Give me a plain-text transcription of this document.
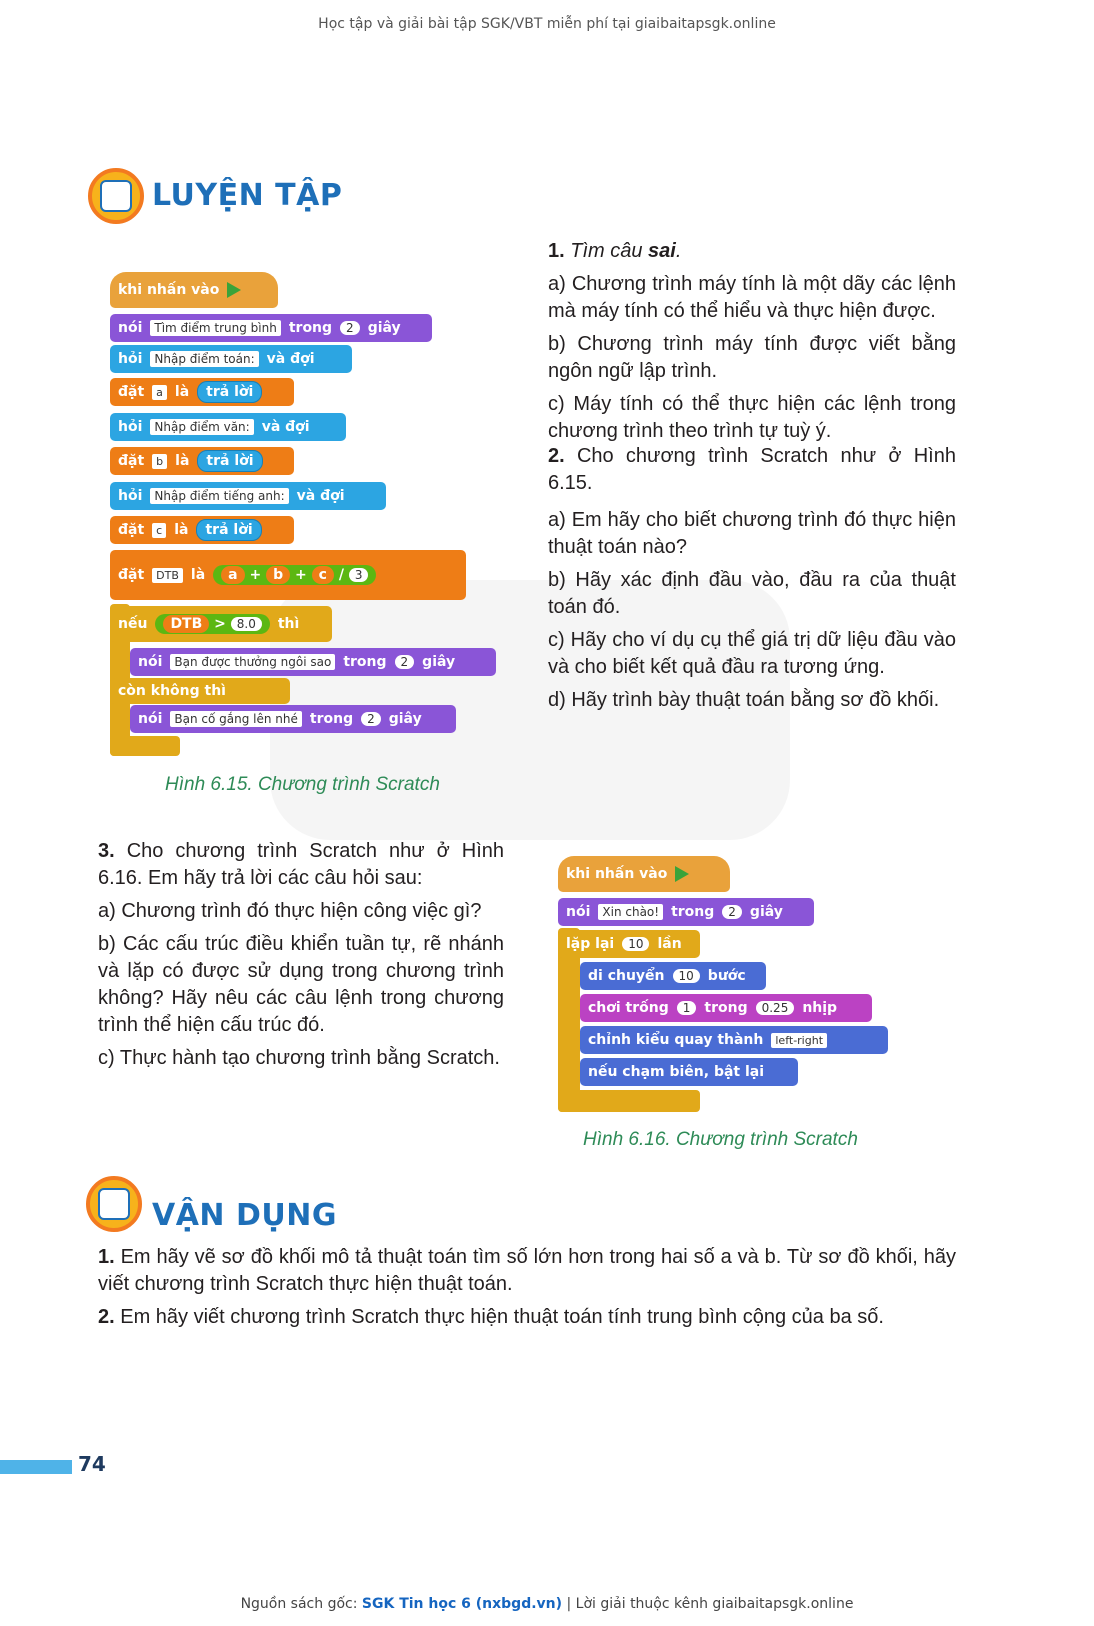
Học tập và giải bài tập SGK/VBT miễn phí tại giaibaitapsgk.online
LUYỆN TẬP
khi nhấn vào
nói	Tìm điểm trung bình trong	2	giây
hỏi	Nhập điểm toán: và đợi
đặt	a là	trả lời
hỏi	Nhập điểm văn: và đợi
đặt	b là	trả lời
hỏi	Nhập điểm tiếng anh: và đợi
đặt	c là	trả lời
đặt	DTB là	a + b + c / 3
nếu	DTB > 8.0	thì
nói	Bạn được thưởng ngôi sao trong	2	giây
còn không thì
nói	Bạn cố gắng lên nhé trong	2	giây
Hình 6.15. Chương trình Scratch

1. Tìm câu sai.

a) Chương trình máy tính là một dãy các lệnh mà máy tính có thể hiểu và thực hiện được.

b) Chương trình máy tính được viết bằng ngôn ngữ lập trình.

c) Máy tính có thể thực hiện các lệnh trong chương trình theo trình tự tuỳ ý.

2. Cho chương trình Scratch như ở Hình 6.15.

a) Em hãy cho biết chương trình đó thực hiện thuật toán nào?

b) Hãy xác định đầu vào, đầu ra của thuật toán đó.

c) Hãy cho ví dụ cụ thể giá trị dữ liệu đầu vào và cho biết kết quả đầu ra tương ứng.

d) Hãy trình bày thuật toán bằng sơ đồ khối.

3. Cho chương trình Scratch như ở Hình 6.16. Em hãy trả lời các câu hỏi sau:

a) Chương trình đó thực hiện công việc gì?

b) Các cấu trúc điều khiển tuần tự, rẽ nhánh và lặp có được sử dụng trong chương trình không? Hãy nêu các câu lệnh trong chương trình thể hiện cấu trúc đó.

c) Thực hành tạo chương trình bằng Scratch.

khi nhấn vào
nói	Xin chào! trong	2	giây
lặp lại	10	lần
di chuyển	10	bước
chơi trống	1	trong	0.25	nhịp
chỉnh kiểu quay thành	left-right
nếu chạm biên, bật lại
Hình 6.16. Chương trình Scratch
VẬN DỤNG

1. Em hãy vẽ sơ đồ khối mô tả thuật toán tìm số lớn hơn trong hai số a và b. Từ sơ đồ khối, hãy viết chương trình Scratch thực hiện thuật toán.

2. Em hãy viết chương trình Scratch thực hiện thuật toán tính trung bình cộng của ba số.

74
Nguồn sách gốc: SGK Tin học 6 (nxbgd.vn) | Lời giải thuộc kênh giaibaitapsgk.online
